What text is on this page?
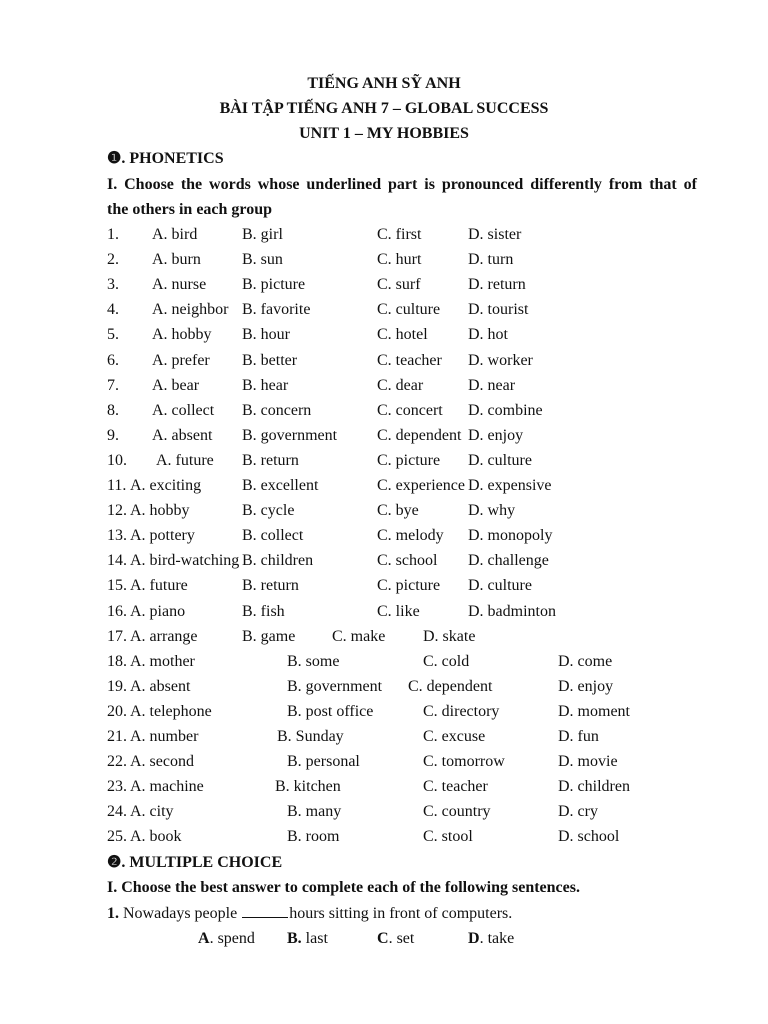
TIẾNG ANH SỸ ANH
BÀI TẬP TIẾNG ANH 7 – GLOBAL SUCCESS
UNIT 1 – MY HOBBIES
❶. PHONETICS
I. Choose the words whose underlined part is pronounced differently from that of
the others in each group
1. A. bird	B. girl	C. first	D. sister
2. A. burn	B. sun	C. hurt	D. turn
3. A. nurse B. picture	C. surf	D. return
4. A. neighbor B. favorite	C. culture D. tourist
5. A. hobby B. hour	C. hotel	D. hot
6. A. prefer B. better	C. teacher D. worker
7. A. bear	B. hear	C. dear	D. near
8. A. collect B. concern	C. concert D. combine
9. A. absent B. government C. dependent D. enjoy
10. A. future B. return	C. picture D. culture
11. A. exciting	B. excellent	C. experience D. expensive
12. A. hobby	B. cycle	C. bye	D. why
13. A. pottery	B. collect	C. melody D. monopoly
14. A. bird-watching B. children	C. school D. challenge
15. A. future	B. return	C. picture D. culture
16. A. piano	B. fish	C. like	D. badminton
17. A. arrange	B. game C. make D. skate
18. A. mother	B. some	C. cold	D. come
19. A. absent	B. government C. dependent	D. enjoy
20. A. telephone	B. post office	C. directory	D. moment
21. A. number	B. Sunday	C. excuse	D. fun
22. A. second	B. personal	C. tomorrow	D. movie
23. A. machine	B. kitchen	C. teacher	D. children
24. A. city	B. many	C. country	D. cry
25. A. book	B. room	C. stool	D. school
❷. MULTIPLE CHOICE
I. Choose the best answer to complete each of the following sentences.
1. Nowadays people	hours sitting in front of computers.
A. spend B. last	C. set	D. take
